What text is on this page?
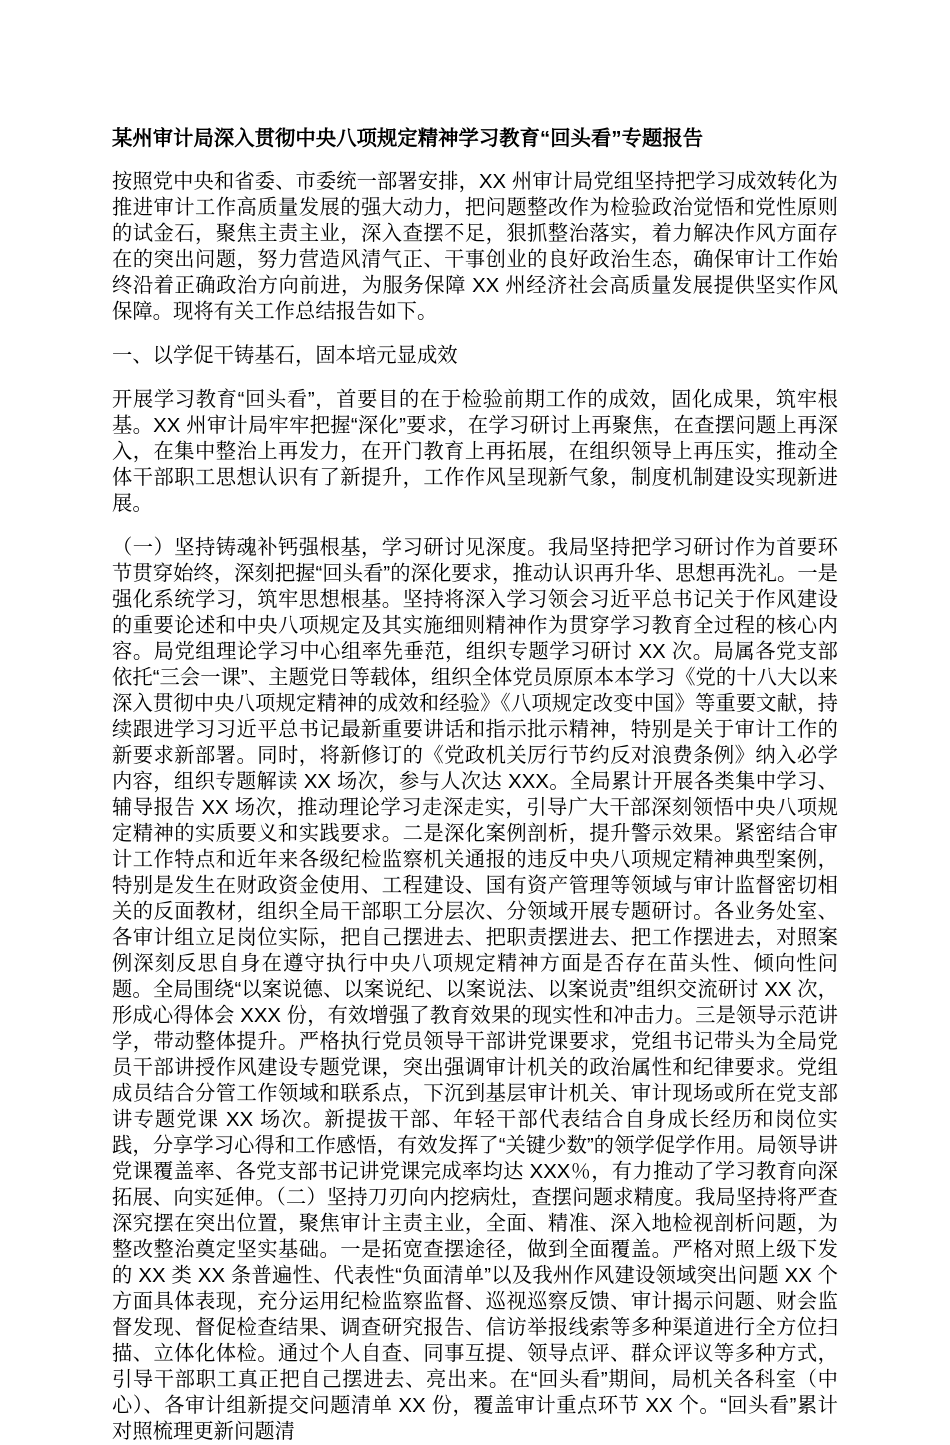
某州审计局深入贯彻中央八项规定精神学习教育“回头看”专题报告

按照党中央和省委、市委统一部署安排，XX 州审计局党组坚持把学习成效转化为推进审计工作高质量发展的强大动力，把问题整改作为检验政治觉悟和党性原则的试金石，聚焦主责主业，深入查摆不足，狠抓整治落实，着力解决作风方面存在的突出问题，努力营造风清气正、干事创业的良好政治生态，确保审计工作始终沿着正确政治方向前进，为服务保障 XX 州经济社会高质量发展提供坚实作风保障。现将有关工作总结报告如下。

一、以学促干铸基石，固本培元显成效

开展学习教育“回头看”，首要目的在于检验前期工作的成效，固化成果，筑牢根基。XX 州审计局牢牢把握“深化”要求，在学习研讨上再聚焦，在查摆问题上再深入，在集中整治上再发力，在开门教育上再拓展，在组织领导上再压实，推动全体干部职工思想认识有了新提升，工作作风呈现新气象，制度机制建设实现新进展。

（一）坚持铸魂补钙强根基，学习研讨见深度。我局坚持把学习研讨作为首要环节贯穿始终，深刻把握“回头看”的深化要求，推动认识再升华、思想再洗礼。一是强化系统学习，筑牢思想根基。坚持将深入学习领会习近平总书记关于作风建设的重要论述和中央八项规定及其实施细则精神作为贯穿学习教育全过程的核心内容。局党组理论学习中心组率先垂范，组织专题学习研讨 XX 次。局属各党支部依托“三会一课”、主题党日等载体，组织全体党员原原本本学习《党的十八大以来深入贯彻中央八项规定精神的成效和经验》《八项规定改变中国》等重要文献，持续跟进学习习近平总书记最新重要讲话和指示批示精神，特别是关于审计工作的新要求新部署。同时，将新修订的《党政机关厉行节约反对浪费条例》纳入必学内容，组织专题解读 XX 场次，参与人次达 XXX。全局累计开展各类集中学习、辅导报告 XX 场次，推动理论学习走深走实，引导广大干部深刻领悟中央八项规定精神的实质要义和实践要求。二是深化案例剖析，提升警示效果。紧密结合审计工作特点和近年来各级纪检监察机关通报的违反中央八项规定精神典型案例，特别是发生在财政资金使用、工程建设、国有资产管理等领域与审计监督密切相关的反面教材，组织全局干部职工分层次、分领域开展专题研讨。各业务处室、各审计组立足岗位实际，把自己摆进去、把职责摆进去、把工作摆进去，对照案例深刻反思自身在遵守执行中央八项规定精神方面是否存在苗头性、倾向性问题。全局围绕“以案说德、以案说纪、以案说法、以案说责”组织交流研讨 XX 次，形成心得体会 XXX 份，有效增强了教育效果的现实性和冲击力。三是领导示范讲学，带动整体提升。严格执行党员领导干部讲党课要求，党组书记带头为全局党员干部讲授作风建设专题党课，突出强调审计机关的政治属性和纪律要求。党组成员结合分管工作领域和联系点，下沉到基层审计机关、审计现场或所在党支部讲专题党课 XX 场次。新提拔干部、年轻干部代表结合自身成长经历和岗位实践，分享学习心得和工作感悟，有效发挥了“关键少数”的领学促学作用。局领导讲党课覆盖率、各党支部书记讲党课完成率均达 XXX％，有力推动了学习教育向深拓展、向实延伸。（二）坚持刀刃向内挖病灶，查摆问题求精度。我局坚持将严查深究摆在突出位置，聚焦审计主责主业，全面、精准、深入地检视剖析问题，为整改整治奠定坚实基础。一是拓宽查摆途径，做到全面覆盖。严格对照上级下发的 XX 类 XX 条普遍性、代表性“负面清单”以及我州作风建设领域突出问题 XX 个方面具体表现，充分运用纪检监察监督、巡视巡察反馈、审计揭示问题、财会监督发现、督促检查结果、调查研究报告、信访举报线索等多种渠道进行全方位扫描、立体化体检。通过个人自查、同事互提、领导点评、群众评议等多种方式，引导干部职工真正把自己摆进去、亮出来。在“回头看”期间，局机关各科室（中心）、各审计组新提交问题清单 XX 份，覆盖审计重点环节 XX 个。“回头看”累计对照梳理更新问题清
